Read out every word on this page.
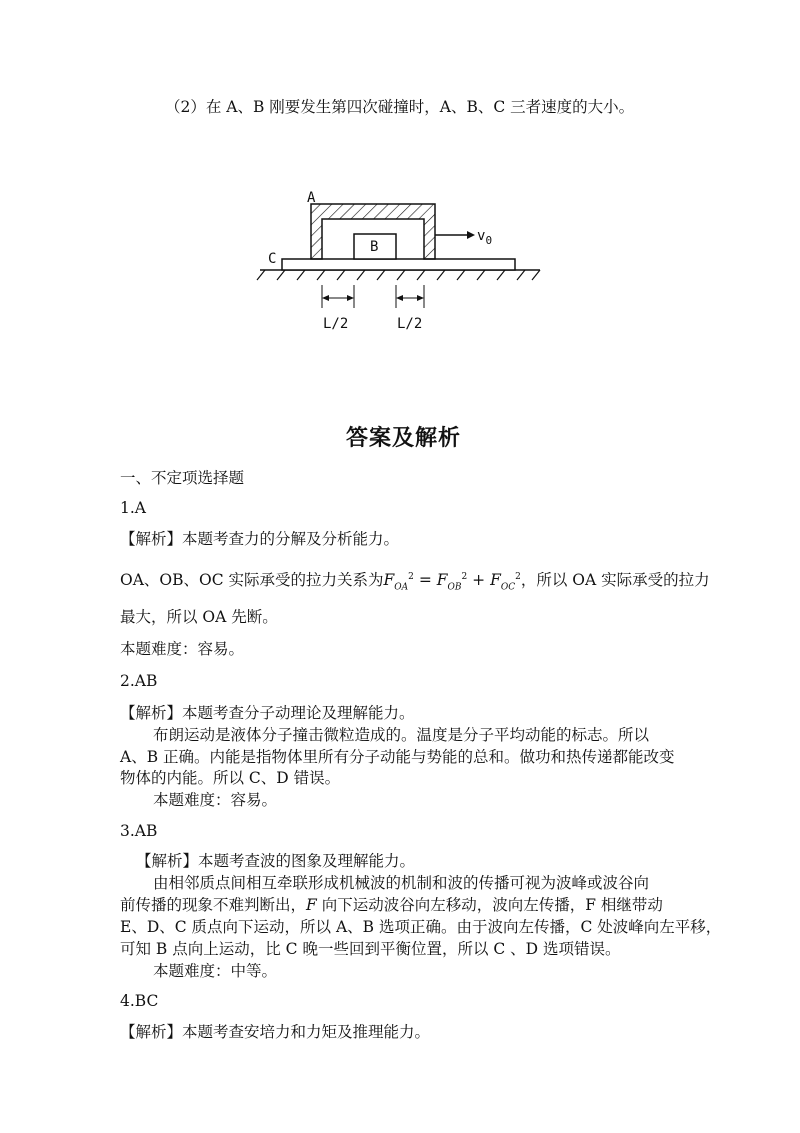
（2）在 A、B 刚要发生第四次碰撞时，A、B、C 三者速度的大小。
C
A
B
$v_0$
L/2	L/2
答案及解析
一、不定项选择题
1.A
【解析】本题考查力的分解及分析能力。
OA、OB、OC 实际承受的拉力关系为$F_{OA}^2 = F_{OB}^2 + F_{OC}^2$，所以 OA 实际承受的拉力
最大，所以 OA 先断。
本题难度：容易。
2.AB
【解析】本题考查分子动理论及理解能力。
布朗运动是液体分子撞击微粒造成的。温度是分子平均动能的标志。所以
A、B 正确。内能是指物体里所有分子动能与势能的总和。做功和热传递都能改变
物体的内能。所以 C、D 错误。
本题难度：容易。
3.AB
【解析】本题考查波的图象及理解能力。
由相邻质点间相互牵联形成机械波的机制和波的传播可视为波峰或波谷向
前传播的现象不难判断出，F 向下运动波谷向左移动，波向左传播，F 相继带动
E、D、C 质点向下运动，所以 A、B 选项正确。由于波向左传播，C 处波峰向左平移，
可知 B 点向上运动，比 C 晚一些回到平衡位置，所以 C 、D 选项错误。
本题难度：中等。
4.BC
【解析】本题考查安培力和力矩及推理能力。
